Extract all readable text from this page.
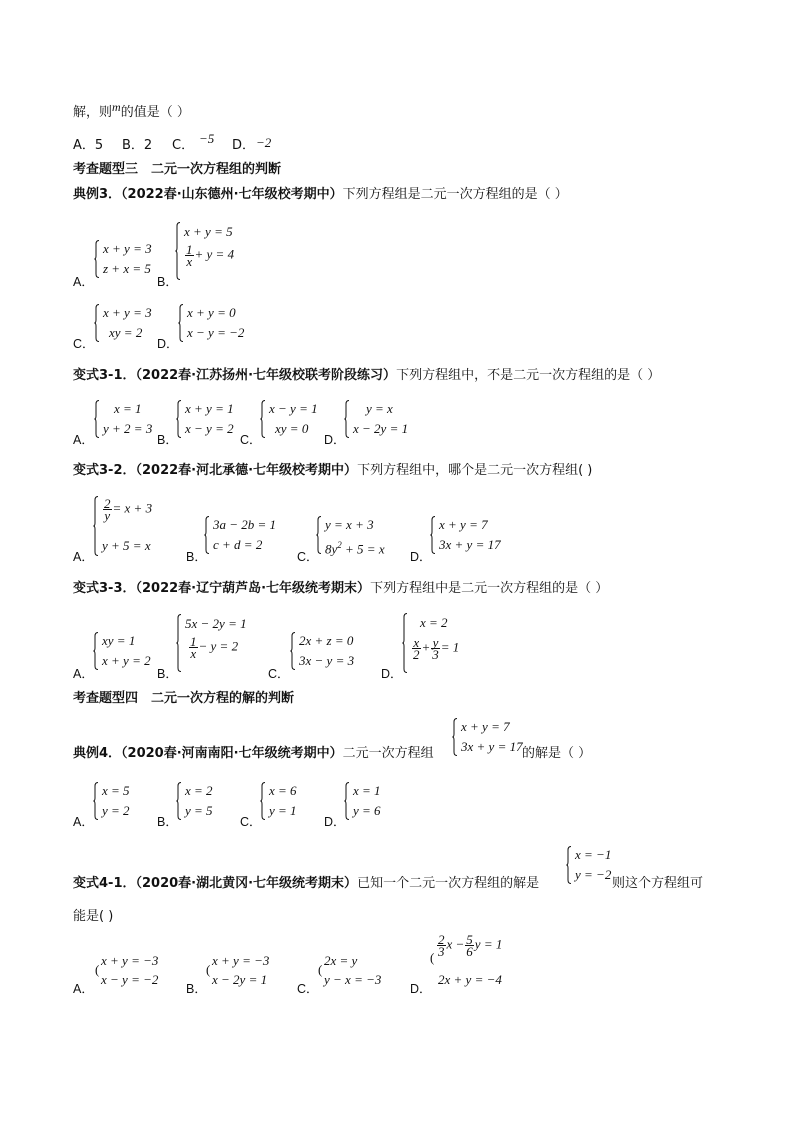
解，则m的值是（ ）
A．5 B．2 C． −5 D． −2
考查题型三　二元一次方程组的判断
典例3．（2022春·山东德州·七年级校考期中）下列方程组是二元一次方程组的是（ ）
A．
x + y = 3
z + x = 5
B．
x + y = 5
$\frac{1}{x} + y = 4$
C．
x + y = 3
xy = 2
D．
x + y = 0
x − y = −2
变式3-1．（2022春·江苏扬州·七年级校联考阶段练习）下列方程组中，不是二元一次方程组的是（ ）
A．
x = 1
y + 2 = 3
B．
x + y = 1
x − y = 2
C．
x − y = 1
xy = 0
D．
y = x
x − 2y = 1
变式3-2．（2022春·河北承德·七年级校考期中）下列方程组中，哪个是二元一次方程组( )
A．
$\frac{2}{y} = x + 3$
y + 5 = x
B．
3a − 2b = 1
c + d = 2
C．
y = x + 3
$8y^2 + 5 = x$
D．
x + y = 7
3x + y = 17
变式3-3．（2022春·辽宁葫芦岛·七年级统考期末）下列方程组中是二元一次方程组的是（ ）
A．
xy = 1
x + y = 2
B．
5x − 2y = 1
$\frac{1}{x} - y = 2$
C．
2x + z = 0
3x − y = 3
D．
x = 2
$\frac{x}{2} + \frac{y}{3} = 1$
考查题型四　二元一次方程的解的判断
典例4．（2020春·河南南阳·七年级统考期中）二元一次方程组
x + y = 7
3x + y = 17 的解是（ ）
A．
x = 5
y = 2
B．
x = 2
y = 5
C．
x = 6
y = 1
D．
x = 1
y = 6
变式4-1．（2020春·湖北黄冈·七年级统考期末）已知一个二元一次方程组的解是
x = −1
y = −2
则这个方程组可
能是( )
A．
(
x + y = −3
x − y = −2
B．
(
x + y = −3
x − 2y = 1
C．
(
2x = y
y − x = −3
D．
(
$\frac{2}{3}$ $x - \frac{5}{6}$ y = 1
2x + y = −4
